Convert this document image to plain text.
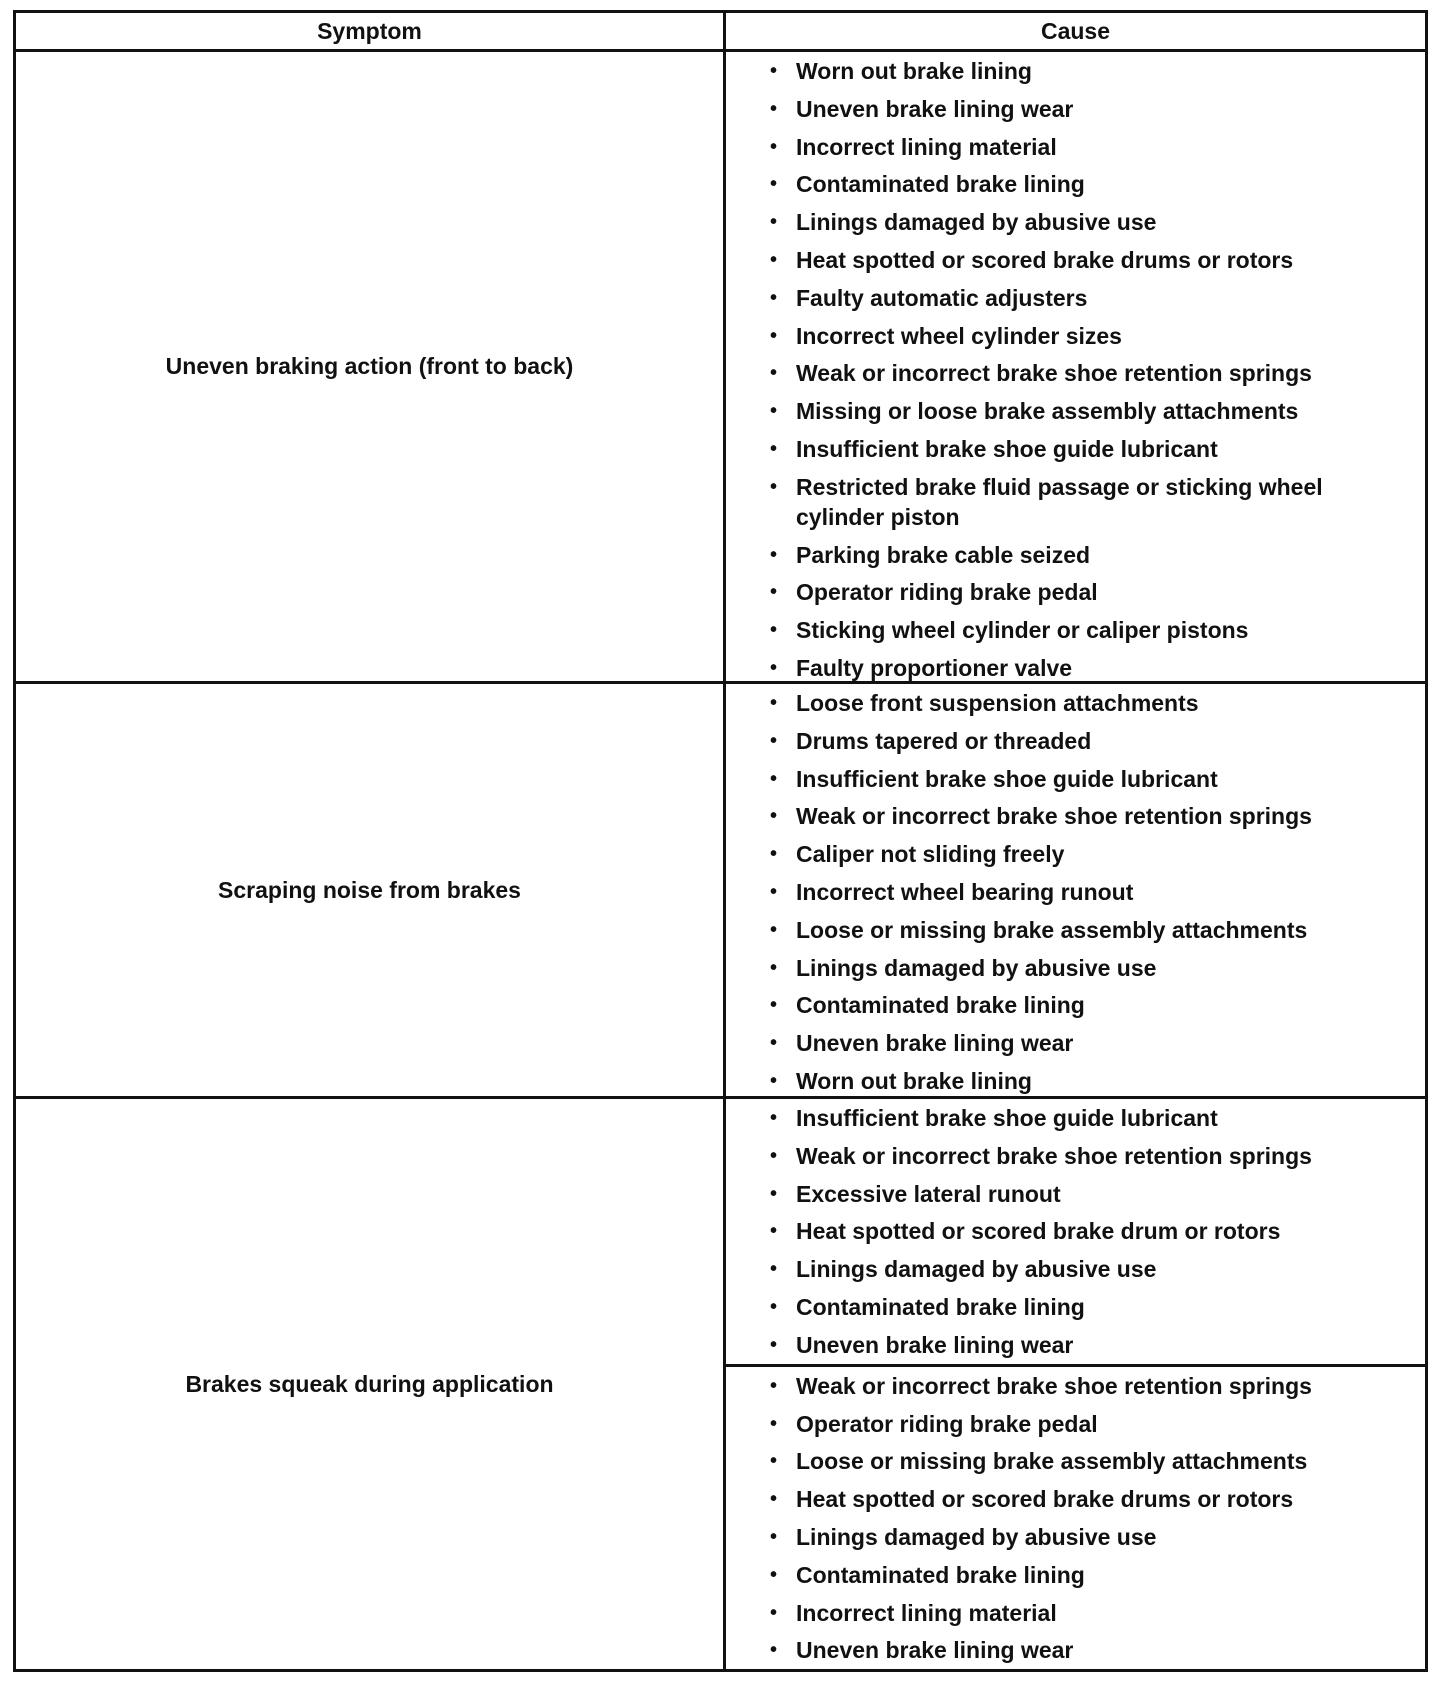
Symptom	Cause
Uneven braking action (front to back)
• Worn out brake lining
• Uneven brake lining wear
• Incorrect lining material
• Contaminated brake lining
• Linings damaged by abusive use
• Heat spotted or scored brake drums or rotors
• Faulty automatic adjusters
• Incorrect wheel cylinder sizes
• Weak or incorrect brake shoe retention springs
• Missing or loose brake assembly attachments
• Insufficient brake shoe guide lubricant
• Restricted brake fluid passage or sticking wheel cylinder piston
• Parking brake cable seized
• Operator riding brake pedal
• Sticking wheel cylinder or caliper pistons
• Faulty proportioner valve
Scraping noise from brakes
• Loose front suspension attachments
• Drums tapered or threaded
• Insufficient brake shoe guide lubricant
• Weak or incorrect brake shoe retention springs
• Caliper not sliding freely
• Incorrect wheel bearing runout
• Loose or missing brake assembly attachments
• Linings damaged by abusive use
• Contaminated brake lining
• Uneven brake lining wear
• Worn out brake lining
Brakes squeak during application
• Insufficient brake shoe guide lubricant
• Weak or incorrect brake shoe retention springs
• Excessive lateral runout
• Heat spotted or scored brake drum or rotors
• Linings damaged by abusive use
• Contaminated brake lining
• Uneven brake lining wear
• Weak or incorrect brake shoe retention springs
• Operator riding brake pedal
• Loose or missing brake assembly attachments
• Heat spotted or scored brake drums or rotors
• Linings damaged by abusive use
• Contaminated brake lining
• Incorrect lining material
• Uneven brake lining wear
